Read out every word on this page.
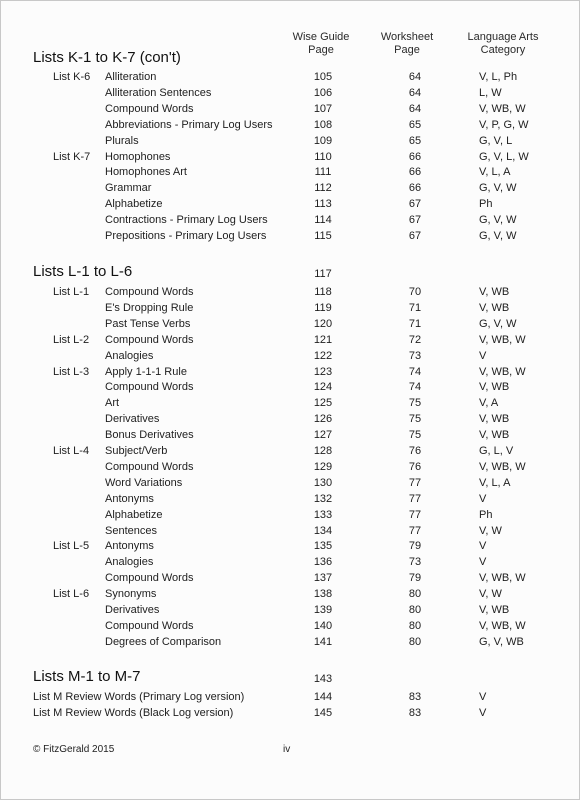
Wise Guide
Page
Worksheet
Page
Language Arts
Category
Lists K-1 to K-7 (con't)
List K-6 Alliteration	105	64	V, L, Ph
Alliteration Sentences	106	64	L, W
Compound Words	107	64	V, WB, W
Abbreviations - Primary Log Users	108	65	V, P, G, W
Plurals	109	65	G, V, L
List K-7 Homophones	110	66	G, V, L, W
Homophones Art	111	66	V, L, A
Grammar	112	66	G, V, W
Alphabetize	113	67	Ph
Contractions - Primary Log Users	114	67	G, V, W
Prepositions - Primary Log Users	115	67	G, V, W
Lists L-1 to L-6	117
List L-1 Compound Words	118	70	V, WB
E's Dropping Rule	119	71	V, WB
Past Tense Verbs	120	71	G, V, W
List L-2 Compound Words	121	72	V, WB, W
Analogies	122	73	V
List L-3 Apply 1-1-1 Rule	123	74	V, WB, W
Compound Words	124	74	V, WB
Art	125	75	V, A
Derivatives	126	75	V, WB
Bonus Derivatives	127	75	V, WB
List L-4 Subject/Verb	128	76	G, L, V
Compound Words	129	76	V, WB, W
Word Variations	130	77	V, L, A
Antonyms	132	77	V
Alphabetize	133	77	Ph
Sentences	134	77	V, W
List L-5 Antonyms	135	79	V
Analogies	136	73	V
Compound Words	137	79	V, WB, W
List L-6 Synonyms	138	80	V, W
Derivatives	139	80	V, WB
Compound Words	140	80	V, WB, W
Degrees of Comparison	141	80	G, V, WB
Lists M-1 to M-7	143
List M Review Words (Primary Log version)	144	83	V
List M Review Words (Black Log version)	145	83	V
© FitzGerald 2015	iv
